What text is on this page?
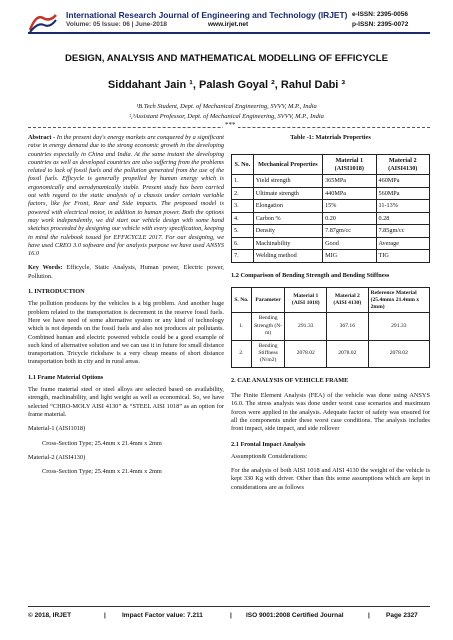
International Research Journal of Engineering and Technology (IRJET)
Volume: 05 Issue: 06 | June-2018	www.irjet.net
e-ISSN: 2395-0056
p-ISSN: 2395-0072
DESIGN, ANALYSIS AND MATHEMATICAL MODELLING OF EFFICYCLE
Siddahant Jain ¹, Palash Goyal ², Rahul Dabi ³
¹B.Tech Student, Dept. of Mechanical Engineering, SVVV, M.P., India
²,³Assistant Professor, Dept. of Mechanical Engineering, SVVV, M.P., India
***
Abstract - In the present day's energy markets are conquered by a significant raise in energy demand due to the strong economic growth in the developing countries especially in China and India. At the same instant the developing countries as well as developed countries are also suffering from the problems related to lack of fossil fuels and the pollution generated from the use of the fossil fuels. Efficycle is generally propelled by human energy which is ergonomically and aerodynamically stable. Present study has been carried out with regard to the static analysis of a chassis under certain variable factors, like for Front, Rear and Side impacts. The proposed model is powered with electrical motor, in addition to human power. Both the options may work independently, we did start our vehicle design with some hand sketches proceeded by designing our vehicle with every specification, keeping in mind the rulebook issued for EFFICYCLE 2017. For our designing, we have used CREO 3.0 software and for analysis purpose we have used ANSYS 16.0
Key Words: Efficycle, Static Analysis, Human power, Electric power, Pollution.
1. INTRODUCTION
The pollution produces by the vehicles is a big problem. And another huge problem related to the transportation is decrement in the reserve fossil fuels. Here we have need of some alternative system or any kind of technology which is not depends on the fossil fuels and also not produces air pollutants. Combined human and electric powered vehicle could be a good example of such kind of alternative solution and we can use it in future for small distance transportation. Tricycle rickshaw is a very cheap means of short distance transportation both in city and in rural areas.
1.1 Frame Material Options
The frame material steel or steel alloys are selected based on availability, strength, machinability, and light weight as well as economical. So, we have selected “CHRO-MOLY AISI 4130” & “STEEL AISI 1018” as an option for frame material.
Material-1 (AISI1018)
Cross-Section Type; 25.4mm x 21.4mm x 2mm
Material-2 (AISI4130)
Cross-Section Type; 25.4mm x 21.4mm x 2mm
Table -1: Materials Properties
S. No.	Mechanical Properties	Material 1 (AISI1018)	Material 2 (AISI4130)
1.	Yield strength	365MPa	460MPa
2.	Ultimate strength	440MPa	560MPa
3.	Elongation	15%	11-13%
4.	Carbon %	0.20	0.28
5.	Density	7.87gm/cc	7.85gm/cc
6.	Machinability	Good	Average
7.	Welding method	MIG	TIG
1.2 Comparison of Bending Strength and Bending Stiffness
S. No.	Parameter	Material 1 (AISI 1018)	Material 2 (AISI 4130)	Reference Material (25.4mmx 21.4mm x 2mm)
1.	Bending Strength (N-m)	291.33	367.16	291.33
2.	Bending Stiffness (N/m2)	2078.02	2078.02	2078.02
2. CAE ANALYSIS OF VEHICLE FRAME
The Finite Element Analysis (FEA) of the vehicle was done using ANSYS 16.0. The stress analysis was done under worst case scenarios and maximum forces were applied in the analysis. Adequate factor of safety was ensured for all the components under these worst case conditions. The analysis includes front impact, side impact, and side rollover
2.1 Frontal Impact Analysis
Assumption& Considerations:
For the analysis of both AISI 1018 and AISI 4130 the weight of the vehicle is kept 330 Kg with driver. Other than this some assumptions which are kept in considerations are as follows
© 2018, IRJET	| Impact Factor value: 7.211	| ISO 9001:2008 Certified Journal	| Page 2327
